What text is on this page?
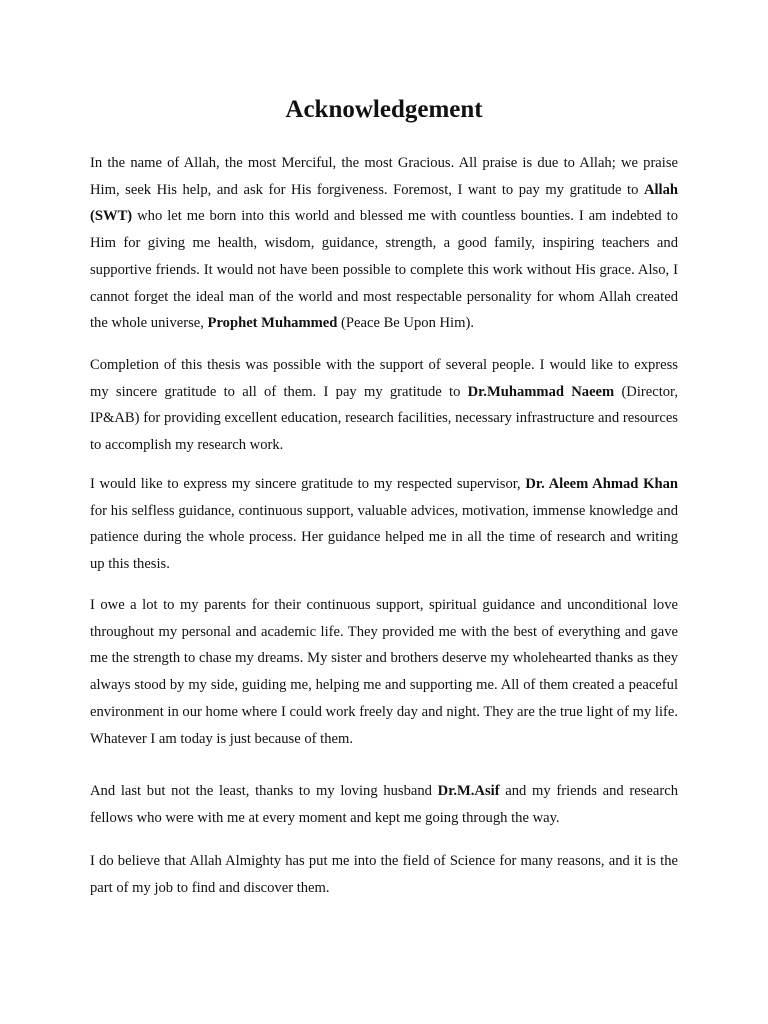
Acknowledgement

In the name of Allah, the most Merciful, the most Gracious. All praise is due to Allah; we praise Him, seek His help, and ask for His forgiveness. Foremost, I want to pay my gratitude to Allah (SWT) who let me born into this world and blessed me with countless bounties. I am indebted to Him for giving me health, wisdom, guidance, strength, a good family, inspiring teachers and supportive friends. It would not have been possible to complete this work without His grace. Also, I cannot forget the ideal man of the world and most respectable personality for whom Allah created the whole universe, Prophet Muhammed (Peace Be Upon Him).

Completion of this thesis was possible with the support of several people. I would like to express my sincere gratitude to all of them. I pay my gratitude to Dr.Muhammad Naeem (Director, IP&AB) for providing excellent education, research facilities, necessary infrastructure and resources to accomplish my research work.

I would like to express my sincere gratitude to my respected supervisor, Dr. Aleem Ahmad Khan for his selfless guidance, continuous support, valuable advices, motivation, immense knowledge and patience during the whole process. Her guidance helped me in all the time of research and writing up this thesis.

I owe a lot to my parents for their continuous support, spiritual guidance and unconditional love throughout my personal and academic life. They provided me with the best of everything and gave me the strength to chase my dreams. My sister and brothers deserve my wholehearted thanks as they always stood by my side, guiding me, helping me and supporting me. All of them created a peaceful environment in our home where I could work freely day and night. They are the true light of my life. Whatever I am today is just because of them.

And last but not the least, thanks to my loving husband Dr.M.Asif and my friends and research fellows who were with me at every moment and kept me going through the way.

I do believe that Allah Almighty has put me into the field of Science for many reasons, and it is the part of my job to find and discover them.
